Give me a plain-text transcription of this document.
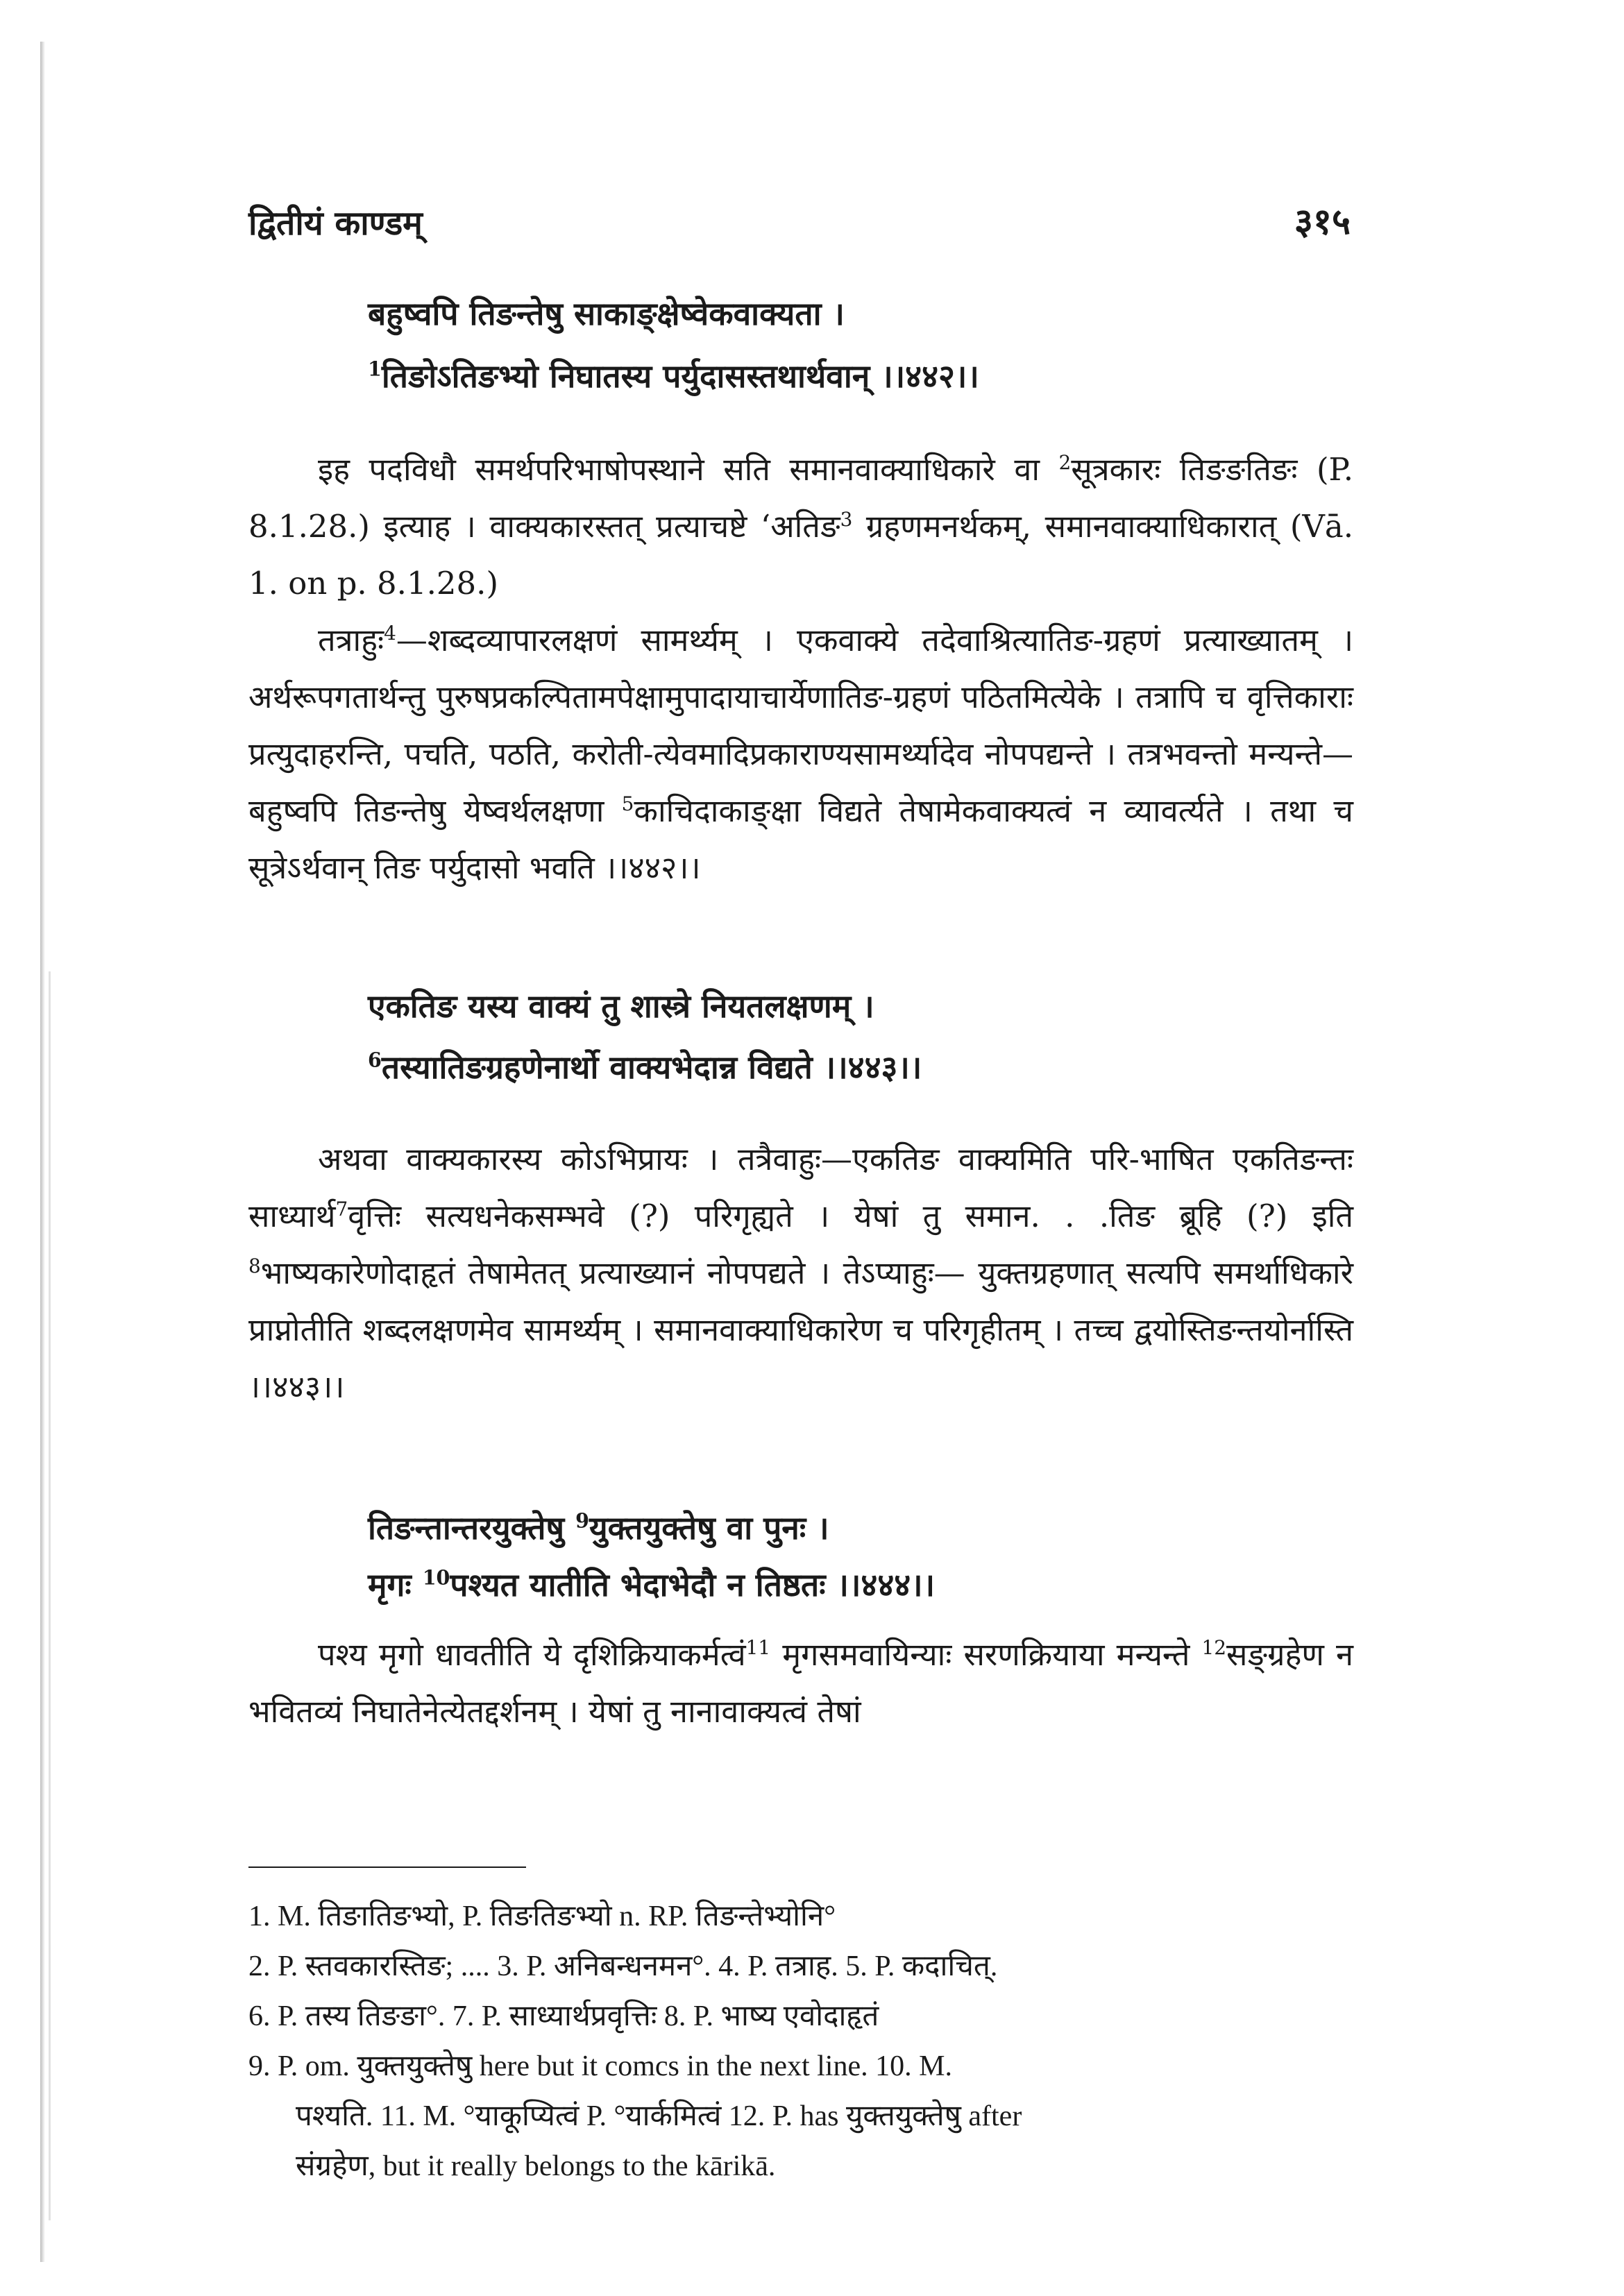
द्वितीयं काण्डम्	३१५
बहुष्वपि तिङन्तेषु साकाङ्क्षेष्वेकवाक्यता ।
$^1$तिङोऽतिङभ्यो निघातस्य पर्युदासस्तथार्थवान् ।।४४२।।

इह पदविधौ समर्थपरिभाषोपस्थाने सति समानवाक्याधिकारे वा $^2$सूत्रकारः तिङङतिङः (P. 8.1.28.) इत्याह । वाक्यकारस्तत् प्रत्याचष्टे ‘अतिङ$^3$ ग्रहणमनर्थकम्, समानवाक्याधिकारात् (Vā. 1. on p. 8.1.28.)

तत्राहुः$^4$—शब्दव्यापारलक्षणं सामर्थ्यम् । एकवाक्ये तदेवाश्रित्यातिङ-ग्रहणं प्रत्याख्यातम् । अर्थरूपगतार्थन्तु पुरुषप्रकल्पितामपेक्षामुपादायाचार्येणातिङ-ग्रहणं पठितमित्येके । तत्रापि च वृत्तिकाराः प्रत्युदाहरन्ति, पचति, पठति, करोती-त्येवमादिप्रकाराण्यसामर्थ्यादेव नोपपद्यन्ते । तत्रभवन्तो मन्यन्ते—बहुष्वपि तिङन्तेषु येष्वर्थलक्षणा $^5$काचिदाकाङ्क्षा विद्यते तेषामेकवाक्यत्वं न व्यावर्त्यते । तथा च सूत्रेऽर्थवान् तिङ पर्युदासो भवति ।।४४२।।

एकतिङ यस्य वाक्यं तु शास्त्रे नियतलक्षणम् ।
$^6$तस्यातिङग्रहणेनार्थो वाक्यभेदान्न विद्यते ।।४४३।।

अथवा वाक्यकारस्य कोऽभिप्रायः । तत्रैवाहुः—एकतिङ वाक्यमिति परि-भाषित एकतिङन्तः साध्यार्थ$^7$वृत्तिः सत्यधनेकसम्भवे (?) परिगृह्यते । येषां तु समान. . .तिङ ब्रूहि (?) इति $^8$भाष्यकारेणोदाहृतं तेषामेतत् प्रत्याख्यानं नोपपद्यते । तेऽप्याहुः— युक्तग्रहणात् सत्यपि समर्थाधिकारे प्राप्नोतीति शब्दलक्षणमेव सामर्थ्यम् । समानवाक्याधिकारेण च परिगृहीतम् । तच्च द्वयोस्तिङन्तयोर्नास्ति ।।४४३।।

तिङन्तान्तरयुक्तेषु $^9$युक्तयुक्तेषु वा पुनः ।
मृगः $^{10}$पश्यत यातीति भेदाभेदौ न तिष्ठतः ।।४४४।।

पश्य मृगो धावतीति ये दृशिक्रियाकर्मत्वं$^{11}$ मृगसमवायिन्याः सरणक्रियाया मन्यन्ते $^{12}$सङ्ग्रहेण न भवितव्यं निघातेनेत्येतद्दर्शनम् । येषां तु नानावाक्यत्वं तेषां

1. M. तिङातिङभ्यो, P. तिङतिङभ्यो n. RP. तिङन्तेभ्योनि°
2. P. स्तवकारस्तिङ; .... 3. P. अनिबन्धनमन°. 4. P. तत्राह. 5. P. कदाचित्.
6. P. तस्य तिङङा°. 7. P. साध्यार्थप्रवृत्तिः 8. P. भाष्य एवोदाहृतं
9. P. om. युक्तयुक्तेषु here but it comcs in the next line. 10. M.
पश्यति. 11. M. °याकूप्यित्वं P. °यार्कमित्वं 12. P. has युक्तयुक्तेषु after
संग्रहेण, but it really belongs to the kārikā.
